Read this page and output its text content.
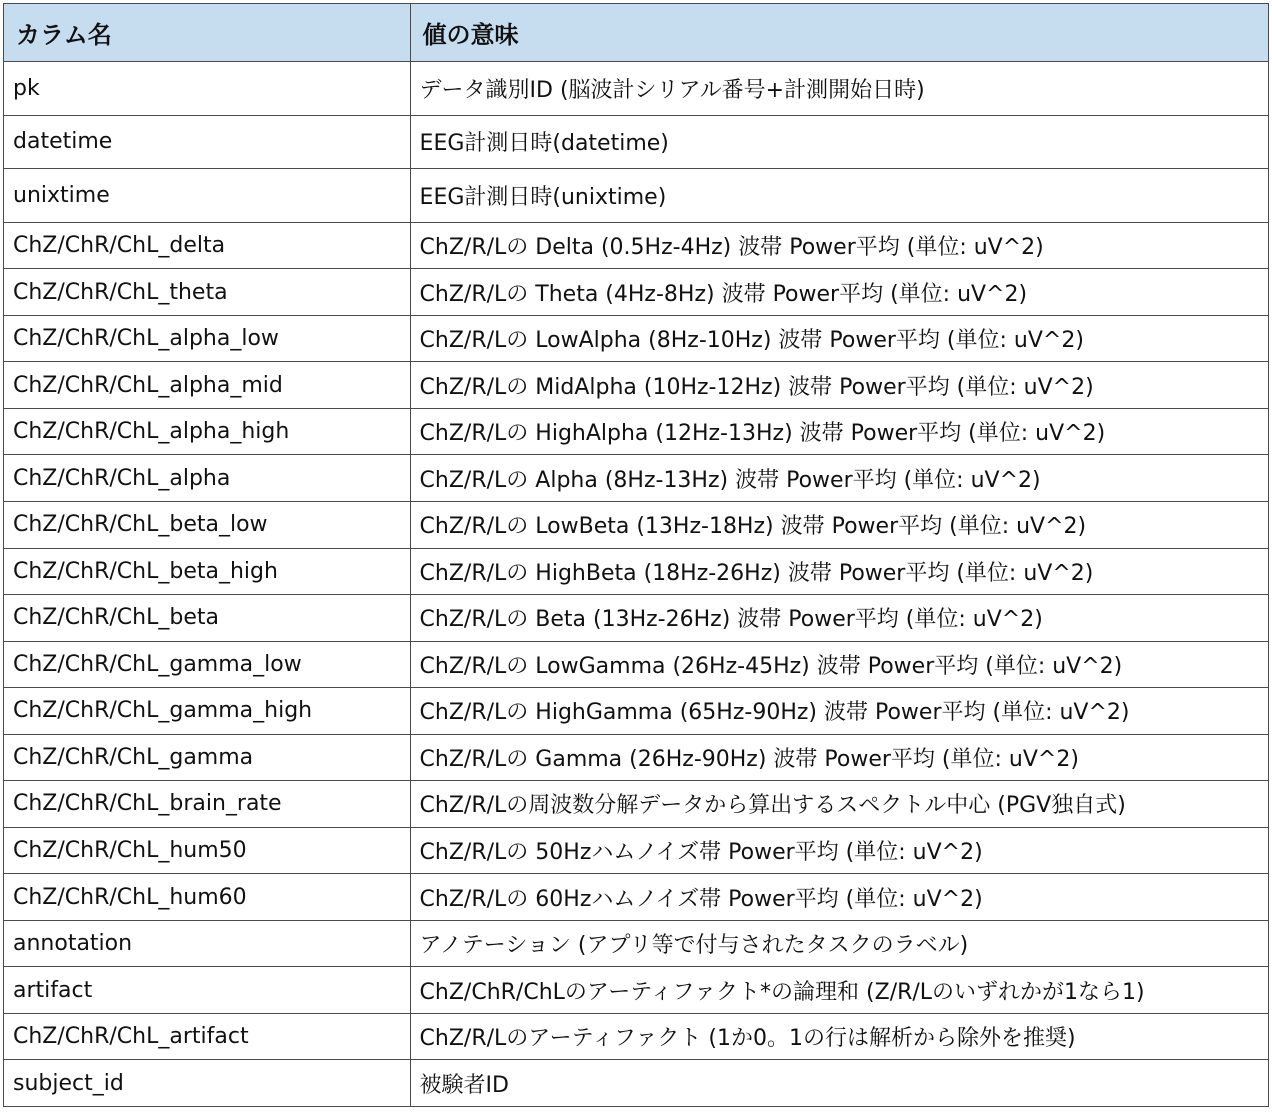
カラム名	値の意味
pk	データ識別ID (脳波計シリアル番号+計測開始日時)
datetime	EEG計測日時(datetime)
unixtime	EEG計測日時(unixtime)
ChZ/ChR/ChL_delta	ChZ/R/Lの Delta (0.5Hz-4Hz) 波帯 Power平均 (単位: uV^2)
ChZ/ChR/ChL_theta	ChZ/R/Lの Theta (4Hz-8Hz) 波帯 Power平均 (単位: uV^2)
ChZ/ChR/ChL_alpha_low	ChZ/R/Lの LowAlpha (8Hz-10Hz) 波帯 Power平均 (単位: uV^2)
ChZ/ChR/ChL_alpha_mid	ChZ/R/Lの MidAlpha (10Hz-12Hz) 波帯 Power平均 (単位: uV^2)
ChZ/ChR/ChL_alpha_high	ChZ/R/Lの HighAlpha (12Hz-13Hz) 波帯 Power平均 (単位: uV^2)
ChZ/ChR/ChL_alpha	ChZ/R/Lの Alpha (8Hz-13Hz) 波帯 Power平均 (単位: uV^2)
ChZ/ChR/ChL_beta_low	ChZ/R/Lの LowBeta (13Hz-18Hz) 波帯 Power平均 (単位: uV^2)
ChZ/ChR/ChL_beta_high	ChZ/R/Lの HighBeta (18Hz-26Hz) 波帯 Power平均 (単位: uV^2)
ChZ/ChR/ChL_beta	ChZ/R/Lの Beta (13Hz-26Hz) 波帯 Power平均 (単位: uV^2)
ChZ/ChR/ChL_gamma_low	ChZ/R/Lの LowGamma (26Hz-45Hz) 波帯 Power平均 (単位: uV^2)
ChZ/ChR/ChL_gamma_high	ChZ/R/Lの HighGamma (65Hz-90Hz) 波帯 Power平均 (単位: uV^2)
ChZ/ChR/ChL_gamma	ChZ/R/Lの Gamma (26Hz-90Hz) 波帯 Power平均 (単位: uV^2)
ChZ/ChR/ChL_brain_rate	ChZ/R/Lの周波数分解データから算出するスペクトル中心 (PGV独自式)
ChZ/ChR/ChL_hum50	ChZ/R/Lの 50Hzハムノイズ帯 Power平均 (単位: uV^2)
ChZ/ChR/ChL_hum60	ChZ/R/Lの 60Hzハムノイズ帯 Power平均 (単位: uV^2)
annotation	アノテーション (アプリ等で付与されたタスクのラベル)
artifact	ChZ/ChR/ChLのアーティファクト*の論理和 (Z/R/Lのいずれかが1なら1)
ChZ/ChR/ChL_artifact	ChZ/R/Lのアーティファクト (1か0。1の行は解析から除外を推奨)
subject_id	被験者ID
